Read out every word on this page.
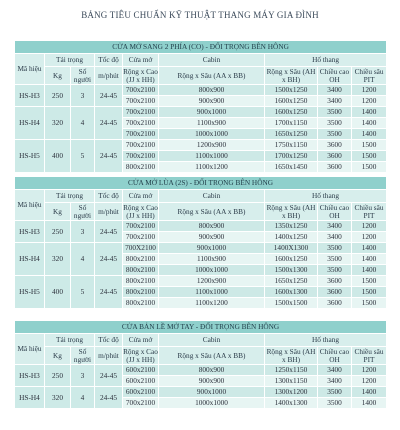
BẢNG TIÊU CHUẨN KỸ THUẬT THANG MÁY GIA ĐÌNH
CỬA MỞ SANG 2 PHÍA (CO) - ĐỐI TRỌNG BÊN HÔNG								
Mã hiệu	Tải trọng		Tốc độ	Cửa mở	Cabin	Hố thang		
	Kg	Số người	m/phút	Rộng x Cao (JJ x HH)	Rộng x Sâu (AA x BB)	Rộng x Sâu (AH x BH)	Chiều cao OH	Chiều sâu PIT
HS-H3	250	3	24-45	700x2100	800x900	1500x1250	3400	1200
				700x2100	900x900	1600x1250	3400	1200
HS-H4	320	4	24-45	700x2100	900x1000	1600x1250	3500	1400
				700x2100	1100x900	1700x1150	3500	1400
				700x2100	1000x1000	1650x1250	3500	1400
HS-H5	400	5	24-45	700x2100	1200x900	1750x1150	3600	1500
				700x2100	1100x1000	1700x1250	3600	1500
				800x2100	1100x1200	1650x1450	3600	1500
CỬA MỞ LÙA (2S) - ĐỐI TRỌNG BÊN HÔNG								
Mã hiệu	Tải trọng		Tốc độ	Cửa mở	Cabin	Hố thang		
	Kg	Số người	m/phút	Rộng x Cao (JJ x HH)	Rộng x Sâu (AA x BB)	Rộng x Sâu (AH x BH)	Chiều cao OH	Chiều sâu PIT
HS-H3	250	3	24-45	700x2100	800x900	1350x1250	3400	1200
				700x2100	900x900	1400x1250	3400	1200
HS-H4	320	4	24-45	700X2100	900x1000	1400X1300	3500	1400
				800x2100	1100x900	1600x1250	3500	1400
				800x2100	1000x1000	1500x1300	3500	1400
HS-H5	400	5	24-45	800x2100	1200x900	1650x1250	3600	1500
				800x2100	1100x1000	1600x1300	3600	1500
				800x2100	1100x1200	1500x1500	3600	1500
CỬA BẢN LỀ MỞ TAY - ĐỐI TRỌNG BÊN HÔNG								
Mã hiệu	Tải trọng		Tốc độ	Cửa mở	Cabin	Hố thang		
	Kg	Số người	m/phút	Rộng x Cao (JJ x HH)	Rộng x Sâu (AA x BB)	Rộng x Sâu (AH x BH)	Chiều cao OH	Chiều sâu PIT
HS-H3	250	3	24-45	600x2100	800x900	1250x1150	3400	1200
				600x2100	900x900	1300x1150	3400	1200
HS-H4	320	4	24-45	600x2100	900x1000	1300x1200	3500	1400
				700x2100	1000x1000	1400x1300	3500	1400
